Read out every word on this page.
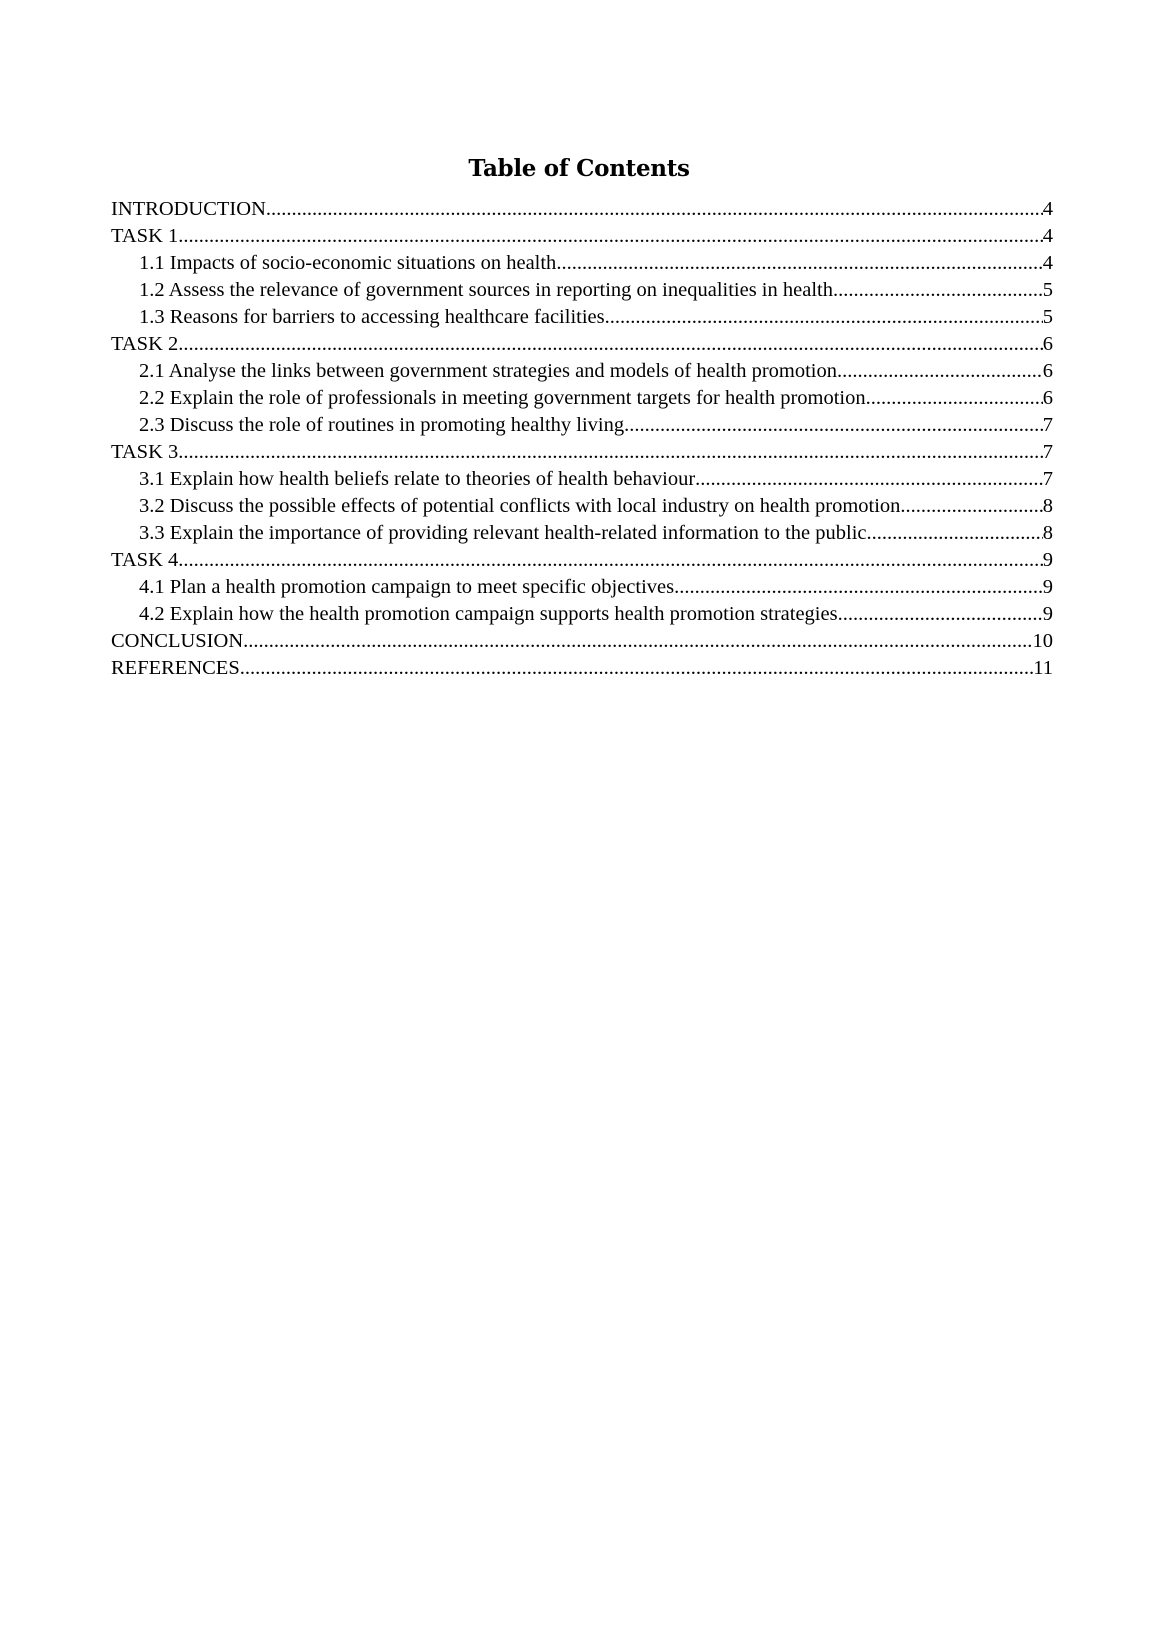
Table of Contents
INTRODUCTION .....	4
TASK 1 .....	4
1.1 Impacts of socio-economic situations on health .....	4
1.2 Assess the relevance of government sources in reporting on inequalities in health .....	5
1.3 Reasons for barriers to accessing healthcare facilities .....	5
TASK 2 .....	6
2.1 Analyse the links between government strategies and models of health promotion .....	6
2.2 Explain the role of professionals in meeting government targets for health promotion .....	6
2.3 Discuss the role of routines in promoting healthy living .....	7
TASK 3 .....	7
3.1 Explain how health beliefs relate to theories of health behaviour .....	7
3.2 Discuss the possible effects of potential conflicts with local industry on health promotion .....	8
3.3 Explain the importance of providing relevant health-related information to the public .....	8
TASK 4 .....	9
4.1 Plan a health promotion campaign to meet specific objectives .....	9
4.2 Explain how the health promotion campaign supports health promotion strategies .....	9
CONCLUSION .....	10
REFERENCES .....	11
